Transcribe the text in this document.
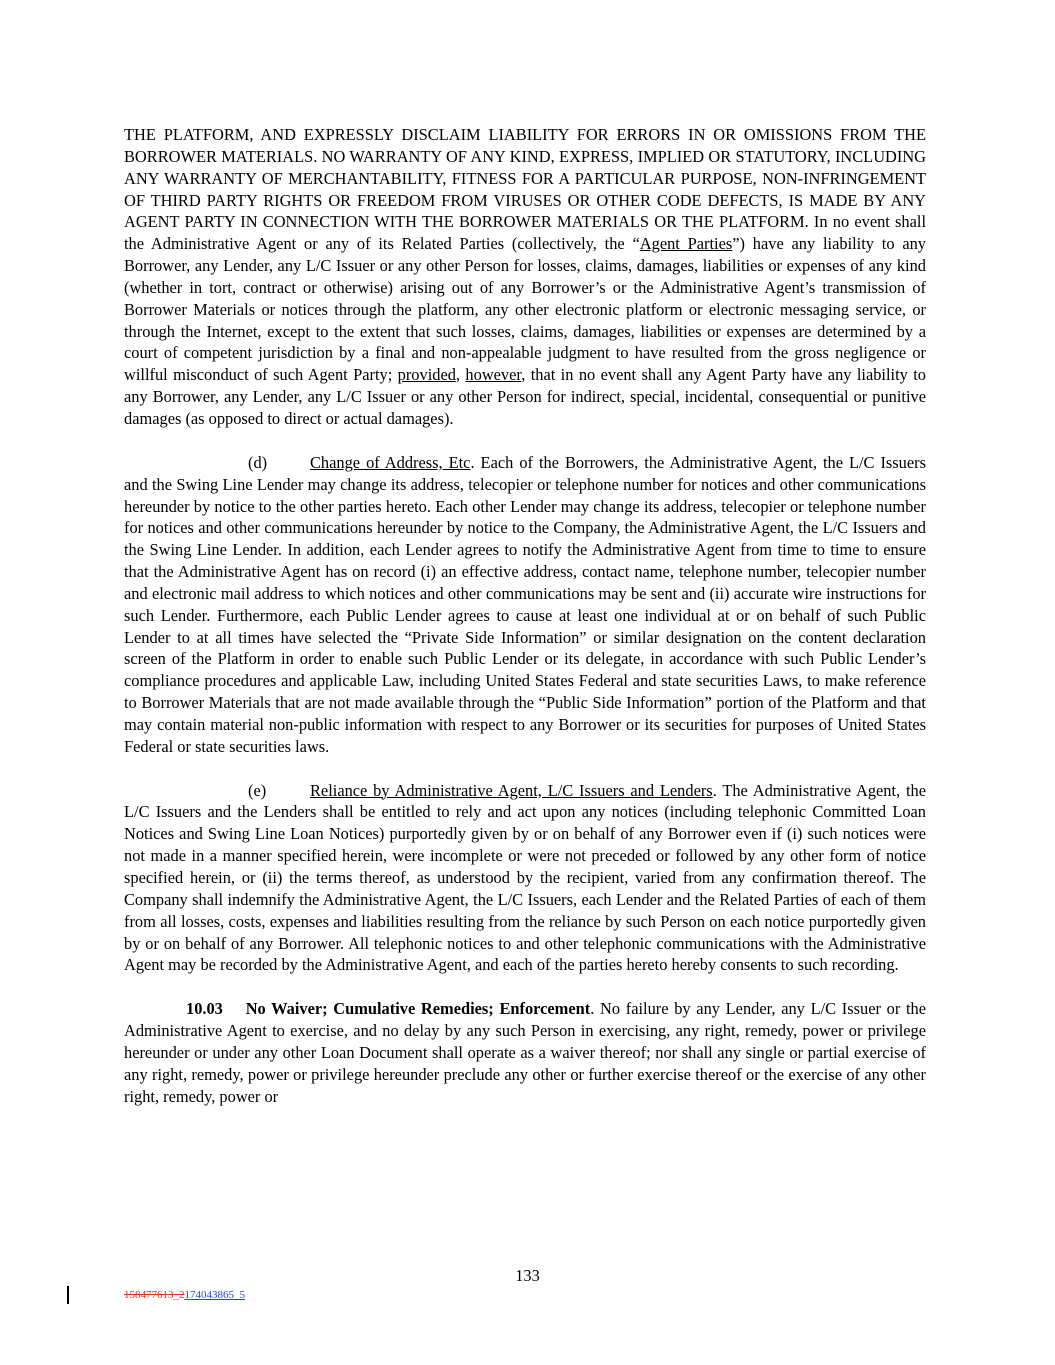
THE PLATFORM, AND EXPRESSLY DISCLAIM LIABILITY FOR ERRORS IN OR OMISSIONS FROM THE BORROWER MATERIALS. NO WARRANTY OF ANY KIND, EXPRESS, IMPLIED OR STATUTORY, INCLUDING ANY WARRANTY OF MERCHANTABILITY, FITNESS FOR A PARTICULAR PURPOSE, NON-INFRINGEMENT OF THIRD PARTY RIGHTS OR FREEDOM FROM VIRUSES OR OTHER CODE DEFECTS, IS MADE BY ANY AGENT PARTY IN CONNECTION WITH THE BORROWER MATERIALS OR THE PLATFORM. In no event shall the Administrative Agent or any of its Related Parties (collectively, the “Agent Parties”) have any liability to any Borrower, any Lender, any L/C Issuer or any other Person for losses, claims, damages, liabilities or expenses of any kind (whether in tort, contract or otherwise) arising out of any Borrower’s or the Administrative Agent’s transmission of Borrower Materials or notices through the platform, any other electronic platform or electronic messaging service, or through the Internet, except to the extent that such losses, claims, damages, liabilities or expenses are determined by a court of competent jurisdiction by a final and non-appealable judgment to have resulted from the gross negligence or willful misconduct of such Agent Party; provided, however, that in no event shall any Agent Party have any liability to any Borrower, any Lender, any L/C Issuer or any other Person for indirect, special, incidental, consequential or punitive damages (as opposed to direct or actual damages).

(d)	Change of Address, Etc. Each of the Borrowers, the Administrative Agent, the L/C Issuers and the Swing Line Lender may change its address, telecopier or telephone number for notices and other communications hereunder by notice to the other parties hereto. Each other Lender may change its address, telecopier or telephone number for notices and other communications hereunder by notice to the Company, the Administrative Agent, the L/C Issuers and the Swing Line Lender. In addition, each Lender agrees to notify the Administrative Agent from time to time to ensure that the Administrative Agent has on record (i) an effective address, contact name, telephone number, telecopier number and electronic mail address to which notices and other communications may be sent and (ii) accurate wire instructions for such Lender. Furthermore, each Public Lender agrees to cause at least one individual at or on behalf of such Public Lender to at all times have selected the “Private Side Information” or similar designation on the content declaration screen of the Platform in order to enable such Public Lender or its delegate, in accordance with such Public Lender’s compliance procedures and applicable Law, including United States Federal and state securities Laws, to make reference to Borrower Materials that are not made available through the “Public Side Information” portion of the Platform and that may contain material non-public information with respect to any Borrower or its securities for purposes of United States Federal or state securities laws.

(e)	Reliance by Administrative Agent, L/C Issuers and Lenders. The Administrative Agent, the L/C Issuers and the Lenders shall be entitled to rely and act upon any notices (including telephonic Committed Loan Notices and Swing Line Loan Notices) purportedly given by or on behalf of any Borrower even if (i) such notices were not made in a manner specified herein, were incomplete or were not preceded or followed by any other form of notice specified herein, or (ii) the terms thereof, as understood by the recipient, varied from any confirmation thereof. The Company shall indemnify the Administrative Agent, the L/C Issuers, each Lender and the Related Parties of each of them from all losses, costs, expenses and liabilities resulting from the reliance by such Person on each notice purportedly given by or on behalf of any Borrower. All telephonic notices to and other telephonic communications with the Administrative Agent may be recorded by the Administrative Agent, and each of the parties hereto hereby consents to such recording.

10.03 No Waiver; Cumulative Remedies; Enforcement. No failure by any Lender, any L/C Issuer or the Administrative Agent to exercise, and no delay by any such Person in exercising, any right, remedy, power or privilege hereunder or under any other Loan Document shall operate as a waiver thereof; nor shall any single or partial exercise of any right, remedy, power or privilege hereunder preclude any other or further exercise thereof or the exercise of any other right, remedy, power or

133
158477613_2174043865_5
